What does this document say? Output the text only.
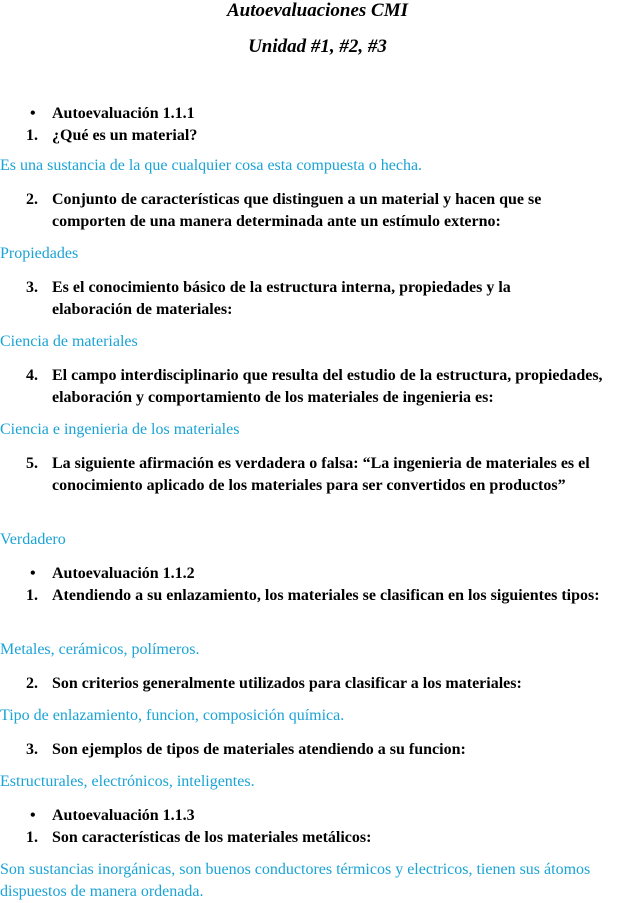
Autoevaluaciones CMI
Unidad #1, #2, #3
• Autoevaluación 1.1.1
1. ¿Qué es un material?
Es una sustancia de la que cualquier cosa esta compuesta o hecha.
2. Conjunto de características que distinguen a un material y hacen que se comporten de una manera determinada ante un estímulo externo:
Propiedades
3. Es el conocimiento básico de la estructura interna, propiedades y la elaboración de materiales:
Ciencia de materiales
4. El campo interdisciplinario que resulta del estudio de la estructura, propiedades, elaboración y comportamiento de los materiales de ingenieria es:
Ciencia e ingenieria de los materiales
5. La siguiente afirmación es verdadera o falsa: “La ingenieria de materiales es el conocimiento aplicado de los materiales para ser convertidos en productos”
Verdadero
• Autoevaluación 1.1.2
1. Atendiendo a su enlazamiento, los materiales se clasifican en los siguientes tipos:
Metales, cerámicos, polímeros.
2. Son criterios generalmente utilizados para clasificar a los materiales:
Tipo de enlazamiento, funcion, composición química.
3. Son ejemplos de tipos de materiales atendiendo a su funcion:
Estructurales, electrónicos, inteligentes.
• Autoevaluación 1.1.3
1. Son características de los materiales metálicos:
Son sustancias inorgánicas, son buenos conductores térmicos y electricos, tienen sus átomos dispuestos de manera ordenada.
